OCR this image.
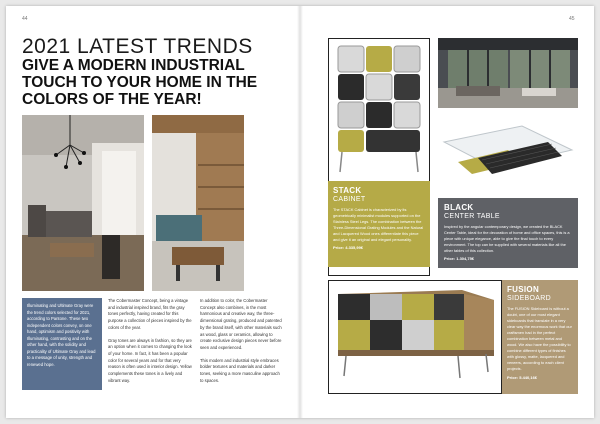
44
2021 LATEST TRENDS
GIVE A MODERN INDUSTRIAL TOUCH TO YOUR HOME IN THE COLORS OF THE YEAR!
Illuminating and Ultimate Gray were the trend colors selected for 2021, according to Pantone. These two independent colors convey, on one hand, optimism and positivity with Illuminating, contrasting and on the other hand, with the solidity and practicality of Ultimate Gray and lead to a message of unity, strength and renewed hope.

The Cobermaster Concept, being a vintage and industrial inspired brand, fits the gray tones perfectly, having created for this purpose a collection of pieces inspired by the colors of the year.

Gray tones are always in fashion, so they are an option when it comes to changing the look of your home. In fact, it has been a popular color for several years and for that very reason is often used in interior design. Yellow complements these tones in a lively and vibrant way.

In addition to color, the Cobermaster Concept also combines, in the most harmonious and creative way, the three-dimensional grating, produced and patented by the brand itself, with other materials such as wood, glass or ceramics, allowing to create exclusive design pieces never before seen and experienced.

This modern and industrial style embraces bolder textures and materials and darker tones, seeking a more masculine approach to spaces.

45
STACK
CABINET
The STACK Cabinet is characterized by its geometrically minimalist modules supported on the Stainless Steel Legs. The combination between the Three-Dimensional Grating Modules and the Natural and Lacquered Wood ones differentiate this piece and give it an original and elegant personality.
Price: 4.335,99€
BLACK
CENTER TABLE
Inspired by the angular contemporary design, we created the BLACK Center Table, ideal for the decoration of home and office spaces, this is a piece with unique elegance, able to give the final touch to every environment. The top can be supplied with several materials like all the other tables of this collection.
Price: 1.304,75€
FUSION
SIDEBOARD
The FUSION Sideboard is without a doubt, one of our most elegant sideboards that translate in a very clear way the enormous work that our craftsmen had in the perfect combination between metal and wood. We also have the possibility to combine different types of finishes with glossy, matte, lacquered and veneers, according to each client projects.
Price: 5.440,16€
